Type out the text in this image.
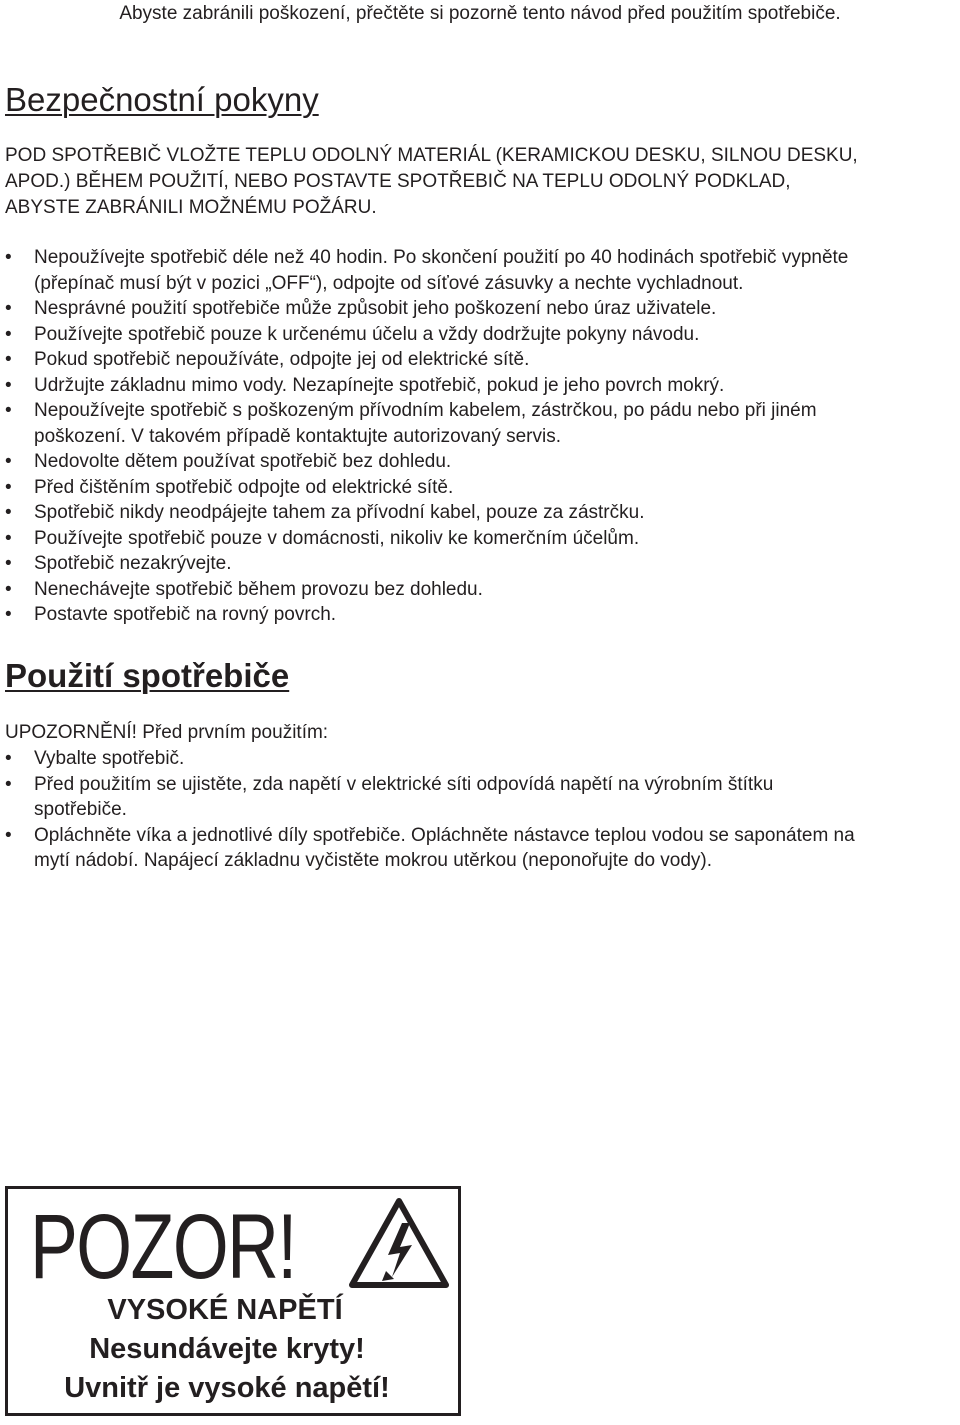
Abyste zabránili poškození, přečtěte si pozorně tento návod před použitím spotřebiče.
Bezpečnostní pokyny

POD SPOTŘEBIČ VLOŽTE TEPLU ODOLNÝ MATERIÁL (KERAMICKOU DESKU, SILNOU DESKU,
APOD.) BĚHEM POUŽITÍ, NEBO POSTAVTE SPOTŘEBIČ NA TEPLU ODOLNÝ PODKLAD,
ABYSTE ZABRÁNILI MOŽNÉMU POŽÁRU.

• Nepoužívejte spotřebič déle než 40 hodin. Po skončení použití po 40 hodinách spotřebič vypněte
(přepínač musí být v pozici „OFF“), odpojte od síťové zásuvky a nechte vychladnout.
• Nesprávné použití spotřebiče může způsobit jeho poškození nebo úraz uživatele.
• Používejte spotřebič pouze k určenému účelu a vždy dodržujte pokyny návodu.
• Pokud spotřebič nepoužíváte, odpojte jej od elektrické sítě.
• Udržujte základnu mimo vody. Nezapínejte spotřebič, pokud je jeho povrch mokrý.
• Nepoužívejte spotřebič s poškozeným přívodním kabelem, zástrčkou, po pádu nebo při jiném
poškození. V takovém případě kontaktujte autorizovaný servis.
• Nedovolte dětem používat spotřebič bez dohledu.
• Před čištěním spotřebič odpojte od elektrické sítě.
• Spotřebič nikdy neodpájejte tahem za přívodní kabel, pouze za zástrčku.
• Používejte spotřebič pouze v domácnosti, nikoliv ke komerčním účelům.
• Spotřebič nezakrývejte.
• Nenechávejte spotřebič během provozu bez dohledu.
• Postavte spotřebič na rovný povrch.
Použití spotřebiče
UPOZORNĚNÍ! Před prvním použitím:
• Vybalte spotřebič.
• Před použitím se ujistěte, zda napětí v elektrické síti odpovídá napětí na výrobním štítku
spotřebiče.
• Opláchněte víka a jednotlivé díly spotřebiče. Opláchněte nástavce teplou vodou se saponátem na
mytí nádobí. Napájecí základnu vyčistěte mokrou utěrkou (neponořujte do vody).
POZOR!
VYSOKÉ NAPĚTÍ
Nesundávejte kryty!
Uvnitř je vysoké napětí!
